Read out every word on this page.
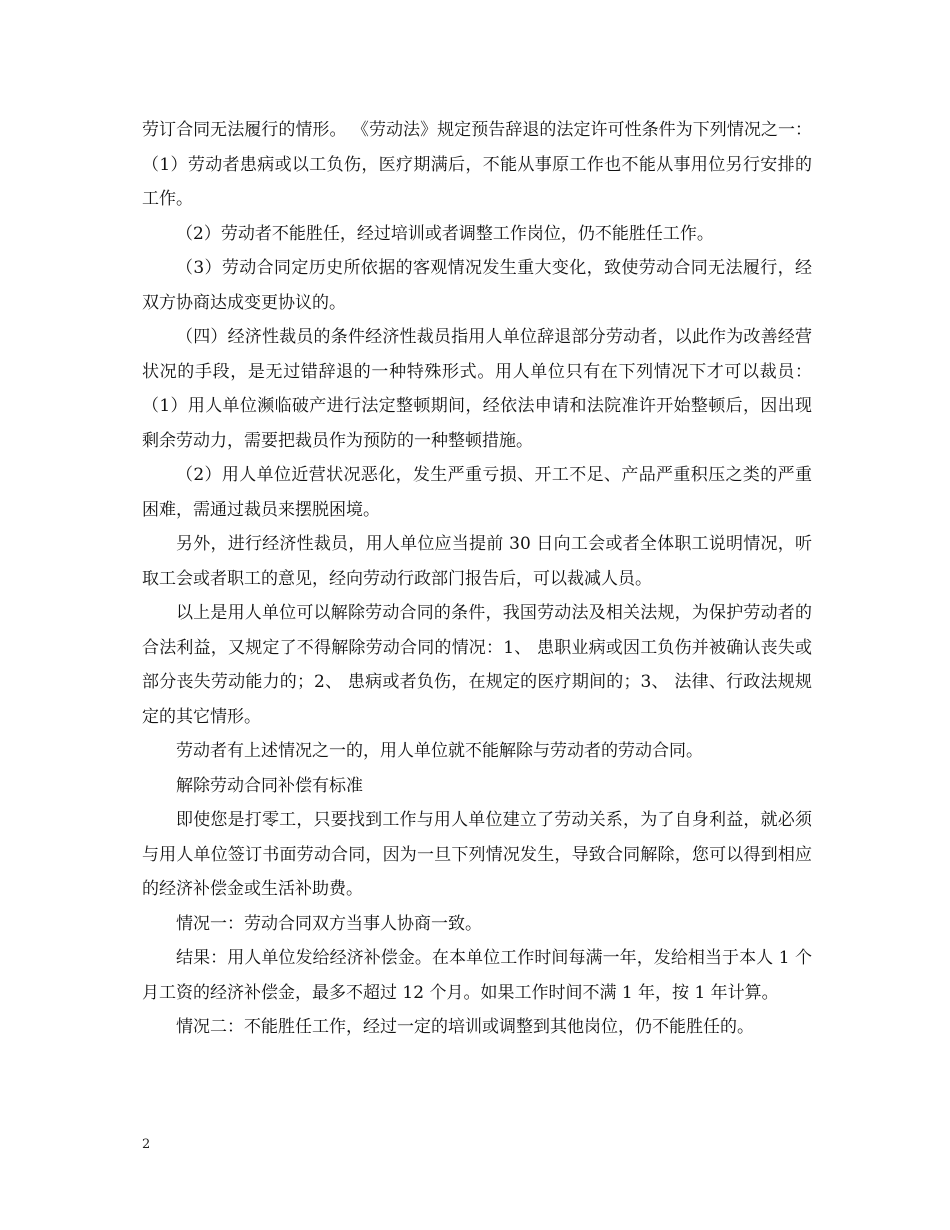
劳订合同无法履行的情形。 《劳动法》规定预告辞退的法定许可性条件为下列情况之一：（1）劳动者患病或以工负伤，医疗期满后，不能从事原工作也不能从事用位另行安排的工作。

（2）劳动者不能胜任，经过培训或者调整工作岗位，仍不能胜任工作。

（3）劳动合同定历史所依据的客观情况发生重大变化，致使劳动合同无法履行，经双方协商达成变更协议的。

（四）经济性裁员的条件经济性裁员指用人单位辞退部分劳动者，以此作为改善经营状况的手段，是无过错辞退的一种特殊形式。用人单位只有在下列情况下才可以裁员：（1）用人单位濒临破产进行法定整顿期间，经依法申请和法院准许开始整顿后，因出现剩余劳动力，需要把裁员作为预防的一种整顿措施。

（2）用人单位近营状况恶化，发生严重亏损、开工不足、产品严重积压之类的严重困难，需通过裁员来摆脱困境。

另外，进行经济性裁员，用人单位应当提前 30 日向工会或者全体职工说明情况，听取工会或者职工的意见，经向劳动行政部门报告后，可以裁减人员。

以上是用人单位可以解除劳动合同的条件，我国劳动法及相关法规，为保护劳动者的合法利益，又规定了不得解除劳动合同的情况：1、 患职业病或因工负伤并被确认丧失或部分丧失劳动能力的；2、 患病或者负伤，在规定的医疗期间的；3、 法律、行政法规规定的其它情形。

劳动者有上述情况之一的，用人单位就不能解除与劳动者的劳动合同。

解除劳动合同补偿有标准

即使您是打零工，只要找到工作与用人单位建立了劳动关系，为了自身利益，就必须与用人单位签订书面劳动合同，因为一旦下列情况发生，导致合同解除，您可以得到相应的经济补偿金或生活补助费。

情况一：劳动合同双方当事人协商一致。

结果：用人单位发给经济补偿金。在本单位工作时间每满一年，发给相当于本人 1 个月工资的经济补偿金，最多不超过 12 个月。如果工作时间不满 1 年，按 1 年计算。

情况二：不能胜任工作，经过一定的培训或调整到其他岗位，仍不能胜任的。

2
